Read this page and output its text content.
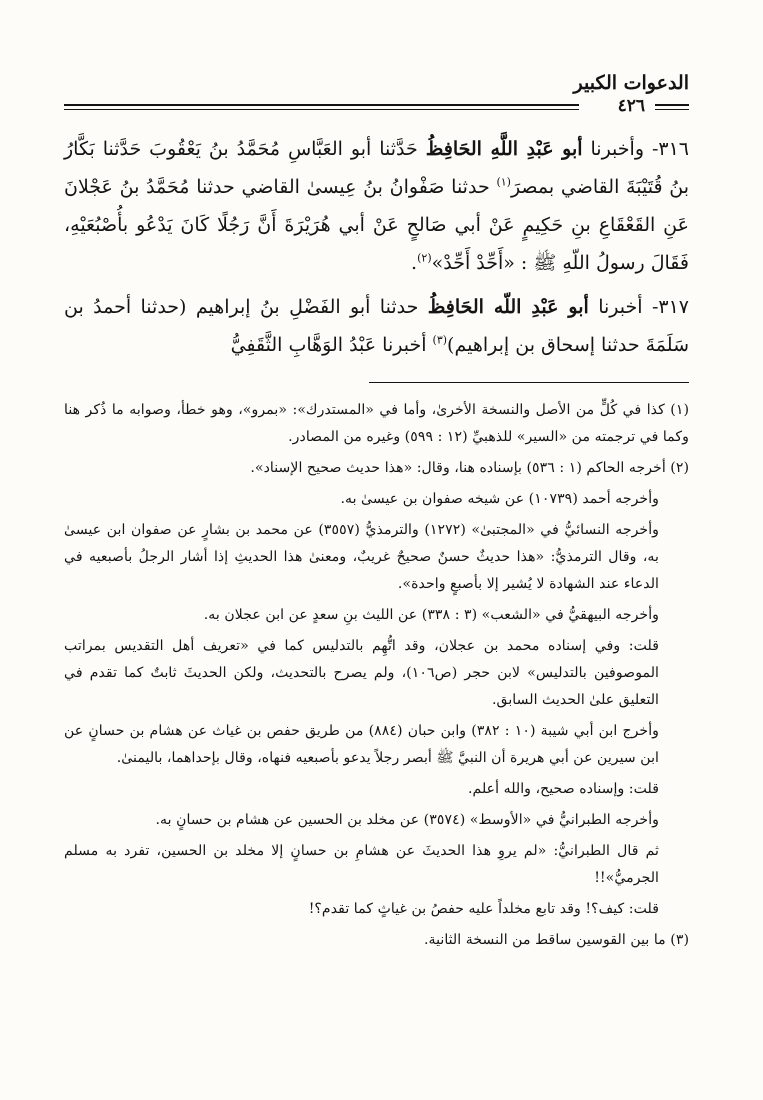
الدعوات الكبير
٤٢٦

٣١٦- وأخبرنا أبو عَبْدِ اللَّهِ الحَافِظُ حَدَّثنا أبو العَبَّاسِ مُحَمَّدُ بنُ يَعْقُوبَ حَدَّثنا بَكَّارُ بنُ قُتَيْبَةَ القاضي بمصرَ$^{(١)}$ حدثنا صَفْوانُ بنُ عِيسىٰ القاضي حدثنا مُحَمَّدُ بنُ عَجْلانَ عَنِ القَعْقَاعِ بنِ حَكِيمٍ عَنْ أبي صَالحٍ عَنْ أبي هُرَيْرَةَ أَنَّ رَجُلًا كَانَ يَدْعُو بأُصْبُعَيْهِ، فَقَالَ رسولُ اللّهِ ﷺ : «أَحِّدْ أَحِّدْ»$^{(٢)}$.

٣١٧- أخبرنا أبو عَبْدِ اللّه الحَافِظُ حدثنا أبو الفَضْلِ بنُ إبراهيم (حدثنا أحمدُ بن سَلَمَةَ حدثنا إسحاق بن إبراهيم)$^{(٣)}$ أخبرنا عَبْدُ الوَهَّابِ الثَّقَفِيُّ

(١) كذا في كُلٍّ من الأصل والنسخة الأخرىٰ، وأما في «المستدرك»: «بمرو»، وهو خطأ، وصوابه ما ذُكر هنا وكما في ترجمته من «السير» للذهبيِّ (١٢ : ٥٩٩) وغيره من المصادر.
(٢) أخرجه الحاكم (١ : ٥٣٦) بإسناده هنا، وقال: «هذا حديث صحيح الإسناد».
وأخرجه أحمد (١٠٧٣٩) عن شيخه صفوان بن عيسىٰ به.
وأخرجه النسائيُّ في «المجتبىٰ» (١٢٧٢) والترمذيُّ (٣٥٥٧) عن محمد بن بشارٍ عن صفوان ابن عيسىٰ به، وقال الترمذيُّ: «هذا حديثٌ حسنٌ صحيحٌ غريبٌ، ومعنىٰ هذا الحديثِ إذا أشار الرجلُ بأصبعيه في الدعاء عند الشهادة لا يُشير إلا بأصبعٍ واحدة».
وأخرجه البيهقيُّ في «الشعب» (٣ : ٣٣٨) عن الليث بنِ سعدٍ عن ابن عجلان به.
قلت: وفي إسناده محمد بن عجلان، وقد اتُّهِم بالتدليس كما في «تعريف أهل التقديس بمراتب الموصوفين بالتدليس» لابن حجر (ص١٠٦)، ولم يصرح بالتحديث، ولكن الحديثَ ثابتٌ كما تقدم في التعليق علىٰ الحديث السابق.
وأخرج ابن أبي شيبة (١٠ : ٣٨٢) وابن حبان (٨٨٤) من طريق حفص بن غياث عن هشام بن حسانٍ عن ابن سيرين عن أبي هريرة أن النبيَّ ﷺ أبصر رجلاً يدعو بأصبعيه فنهاه، وقال بإحداهما، باليمنىٰ.
قلت: وإسناده صحيح، والله أعلم.
وأخرجه الطبرانيُّ في «الأوسط» (٣٥٧٤) عن مخلد بن الحسين عن هشام بن حسانٍ به.
ثم قال الطبرانيُّ: «لم يروِ هذا الحديثَ عن هشامِ بن حسانٍ إلا مخلد بن الحسين، تفرد به مسلم الجرميُّ»!!
قلت: كيف؟! وقد تابع مخلداً عليه حفصُ بن غياثٍ كما تقدم؟!
(٣) ما بين القوسين ساقط من النسخة الثانية.
